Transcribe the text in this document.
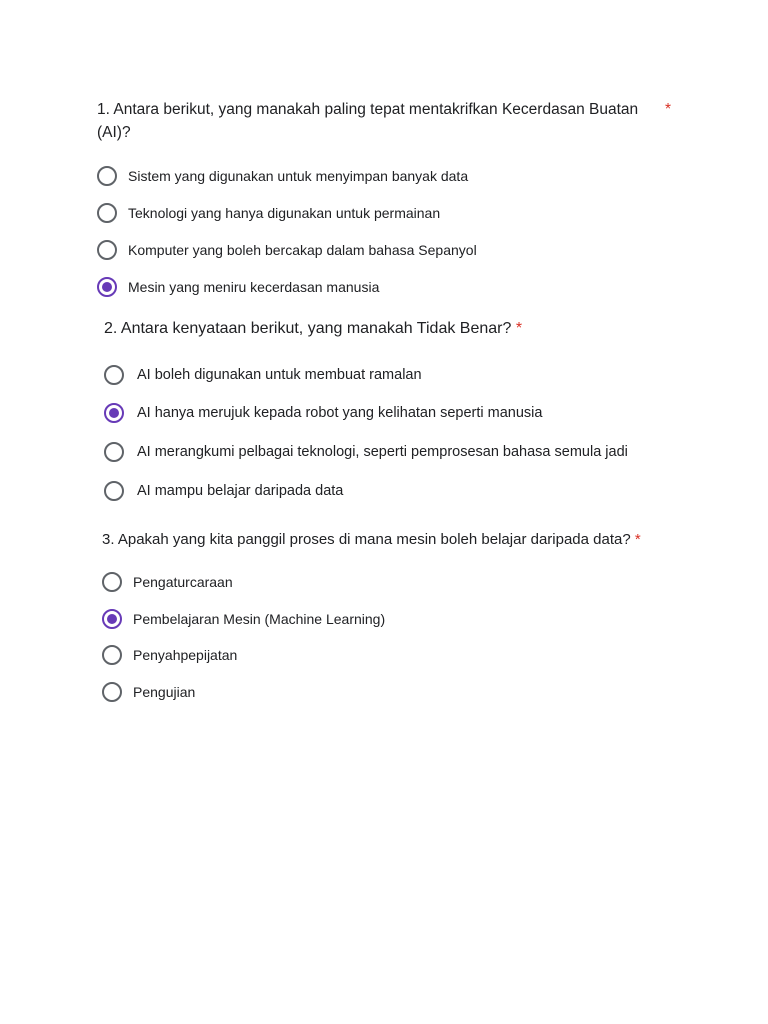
1. Antara berikut, yang manakah paling tepat mentakrifkan Kecerdasan Buatan (AI)?
*
Sistem yang digunakan untuk menyimpan banyak data
Teknologi yang hanya digunakan untuk permainan
Komputer yang boleh bercakap dalam bahasa Sepanyol
Mesin yang meniru kecerdasan manusia
2. Antara kenyataan berikut, yang manakah Tidak Benar? *
AI boleh digunakan untuk membuat ramalan
AI hanya merujuk kepada robot yang kelihatan seperti manusia
AI merangkumi pelbagai teknologi, seperti pemprosesan bahasa semula jadi
AI mampu belajar daripada data
3. Apakah yang kita panggil proses di mana mesin boleh belajar daripada data? *
Pengaturcaraan
Pembelajaran Mesin (Machine Learning)
Penyahpepijatan
Pengujian
